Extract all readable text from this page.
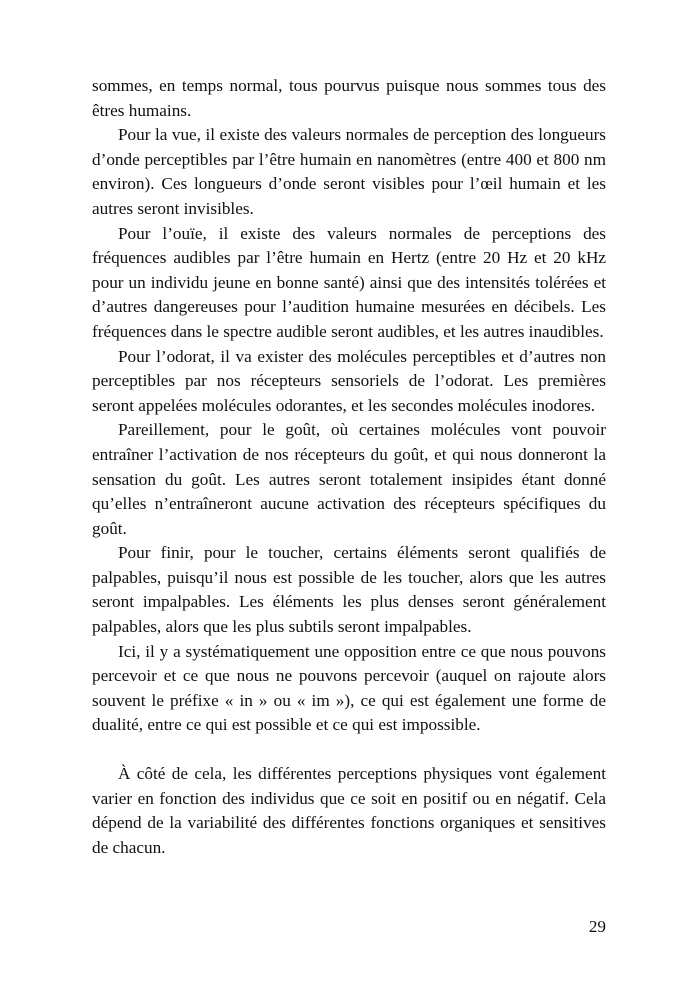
sommes, en temps normal, tous pourvus puisque nous sommes tous des êtres humains.

Pour la vue, il existe des valeurs normales de perception des longueurs d’onde perceptibles par l’être humain en nanomètres (entre 400 et 800 nm environ). Ces longueurs d’onde seront visibles pour l’œil humain et les autres seront invisibles.

Pour l’ouïe, il existe des valeurs normales de perceptions des fréquences audibles par l’être humain en Hertz (entre 20 Hz et 20 kHz pour un individu jeune en bonne santé) ainsi que des intensités tolérées et d’autres dangereuses pour l’audition humaine mesurées en décibels. Les fréquences dans le spectre audible seront audibles, et les autres inaudibles.

Pour l’odorat, il va exister des molécules perceptibles et d’autres non perceptibles par nos récepteurs sensoriels de l’odorat. Les premières seront appelées molécules odorantes, et les secondes molécules inodores.

Pareillement, pour le goût, où certaines molécules vont pouvoir entraîner l’activation de nos récepteurs du goût, et qui nous donneront la sensation du goût. Les autres seront totalement insipides étant donné qu’elles n’entraîneront aucune activation des récepteurs spécifiques du goût.

Pour finir, pour le toucher, certains éléments seront qualifiés de palpables, puisqu’il nous est possible de les toucher, alors que les autres seront impalpables. Les éléments les plus denses seront généralement palpables, alors que les plus subtils seront impalpables.

Ici, il y a systématiquement une opposition entre ce que nous pouvons percevoir et ce que nous ne pouvons percevoir (auquel on rajoute alors souvent le préfixe « in » ou « im »), ce qui est également une forme de dualité, entre ce qui est possible et ce qui est impossible.

À côté de cela, les différentes perceptions physiques vont également varier en fonction des individus que ce soit en positif ou en négatif. Cela dépend de la variabilité des différentes fonctions organiques et sensitives de chacun.

29
